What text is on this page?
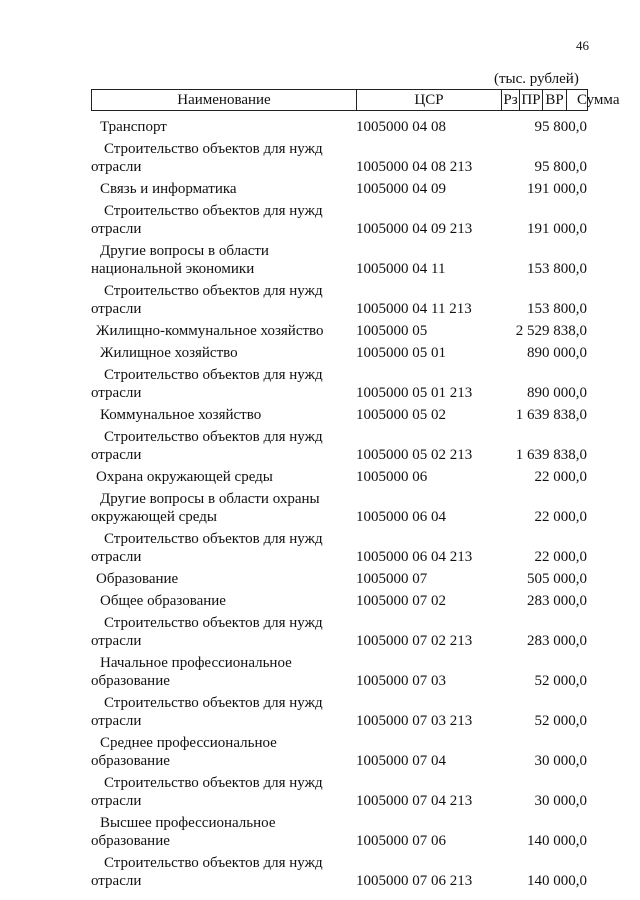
46
(тыс. рублей)
Наименование	ЦСР	Рз ПР ВР Сумма
Транспорт	1005000 04 08	95 800,0
Строительство объектов для нужд
отрасли	1005000 04 08 213	95 800,0
Связь и информатика	1005000 04 09	191 000,0
Строительство объектов для нужд
отрасли	1005000 04 09 213	191 000,0
Другие вопросы в области
национальной экономики	1005000 04 11	153 800,0
Строительство объектов для нужд
отрасли	1005000 04 11 213	153 800,0
Жилищно-коммунальное хозяйство 1005000 05	2 529 838,0
Жилищное хозяйство	1005000 05 01	890 000,0
Строительство объектов для нужд
отрасли	1005000 05 01 213	890 000,0
Коммунальное хозяйство	1005000 05 02	1 639 838,0
Строительство объектов для нужд
отрасли	1005000 05 02 213	1 639 838,0
Охрана окружающей среды	1005000 06	22 000,0
Другие вопросы в области охраны
окружающей среды	1005000 06 04	22 000,0
Строительство объектов для нужд
отрасли	1005000 06 04 213	22 000,0
Образование	1005000 07	505 000,0
Общее образование	1005000 07 02	283 000,0
Строительство объектов для нужд
отрасли	1005000 07 02 213	283 000,0
Начальное профессиональное
образование	1005000 07 03	52 000,0
Строительство объектов для нужд
отрасли	1005000 07 03 213	52 000,0
Среднее профессиональное
образование	1005000 07 04	30 000,0
Строительство объектов для нужд
отрасли	1005000 07 04 213	30 000,0
Высшее профессиональное
образование	1005000 07 06	140 000,0
Строительство объектов для нужд
отрасли	1005000 07 06 213	140 000,0
